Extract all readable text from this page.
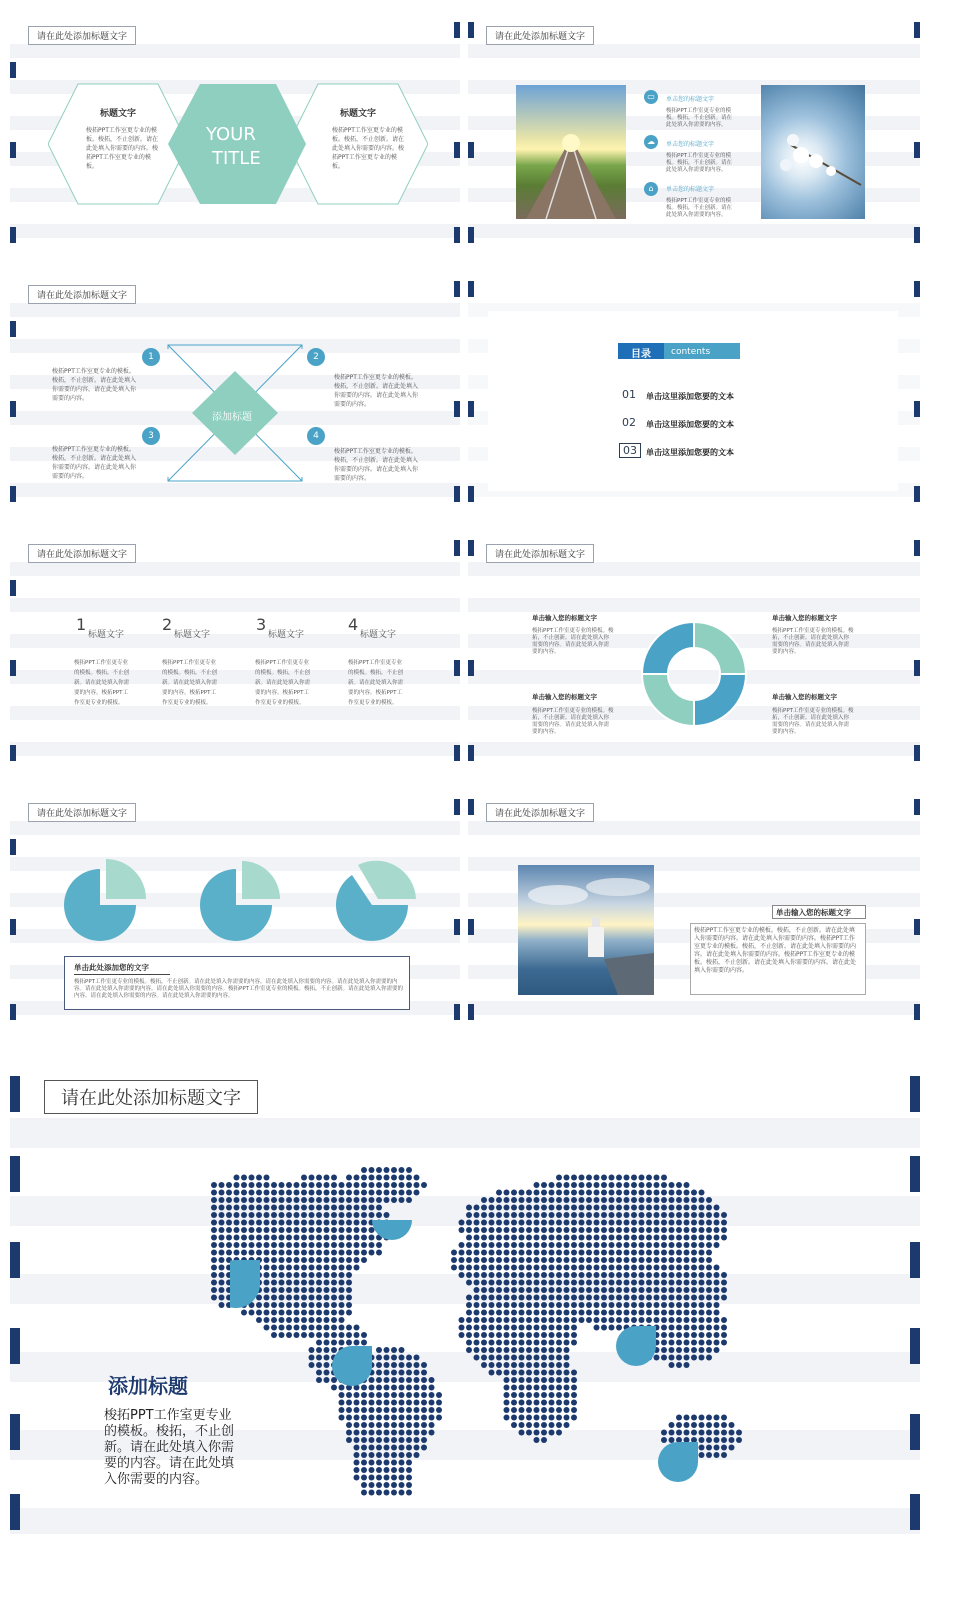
请在此处添加标题文字
YOUR
TITLE
标题文字
梭拓PPT工作室更专业的模板。梭拓，不止创新。请在此处填入你需要的内容。梭拓PPT工作室更专业的模板。
标题文字
梭拓PPT工作室更专业的模板。梭拓，不止创新。请在此处填入你需要的内容。梭拓PPT工作室更专业的模板。
请在此处添加标题文字
▭	单击您的标题文字
梭拓PPT工作室更专业的模板。梭拓，不止创新。请在此处填入你需要的内容。
☁	单击您的标题文字
梭拓PPT工作室更专业的模板。梭拓，不止创新。请在此处填入你需要的内容。
⌂	单击您的标题文字
梭拓PPT工作室更专业的模板。梭拓，不止创新。请在此处填入你需要的内容。
请在此处添加标题文字
添加标题
1	2
3	4
梭拓PPT工作室更专业的模板。梭拓，不止创新。请在此处填入你需要的内容。请在此处填入你需要的内容。
梭拓PPT工作室更专业的模板。梭拓，不止创新。请在此处填入你需要的内容。请在此处填入你需要的内容。
梭拓PPT工作室更专业的模板。梭拓，不止创新。请在此处填入你需要的内容。请在此处填入你需要的内容。
梭拓PPT工作室更专业的模板。梭拓，不止创新。请在此处填入你需要的内容。请在此处填入你需要的内容。
目录 contents
01 单击这里添加您要的文本
02 单击这里添加您要的文本
03	单击这里添加您要的文本
请在此处添加标题文字
1
标题文字
梭拓PPT工作室更专业的模板。梭拓，不止创新。请在此处填入你需要的内容。梭拓PPT工作室更专业的模板。
2
标题文字
梭拓PPT工作室更专业的模板。梭拓，不止创新。请在此处填入你需要的内容。梭拓PPT工作室更专业的模板。
3
标题文字
梭拓PPT工作室更专业的模板。梭拓，不止创新。请在此处填入你需要的内容。梭拓PPT工作室更专业的模板。
4
标题文字
梭拓PPT工作室更专业的模板。梭拓，不止创新。请在此处填入你需要的内容。梭拓PPT工作室更专业的模板。
请在此处添加标题文字
单击输入您的标题文字
梭拓PPT工作室更专业的模板。梭拓，不止创新。请在此处填入你需要的内容。请在此处填入你需要的内容。
单击输入您的标题文字
梭拓PPT工作室更专业的模板。梭拓，不止创新。请在此处填入你需要的内容。请在此处填入你需要的内容。
单击输入您的标题文字
梭拓PPT工作室更专业的模板。梭拓，不止创新。请在此处填入你需要的内容。请在此处填入你需要的内容。
单击输入您的标题文字
梭拓PPT工作室更专业的模板。梭拓，不止创新。请在此处填入你需要的内容。请在此处填入你需要的内容。
请在此处添加标题文字
单击此处添加您的文字
梭拓PPT工作室更专业的模板。梭拓，不止创新。请在此处填入你需要的内容。请在此处填入你需要的内容。请在此处填入你需要的内容。请在此处填入你需要的内容。请在此处填入你需要的内容。梭拓PPT工作室更专业的模板。梭拓，不止创新。请在此处填入你需要的内容。请在此处填入你需要的内容。请在此处填入你需要的内容。
请在此处添加标题文字
单击输入您的标题文字
梭拓PPT工作室更专业的模板。梭拓，不止创新。请在此处填入你需要的内容。请在此处填入你需要的内容。梭拓PPT工作室更专业的模板。梭拓，不止创新。请在此处填入你需要的内容。请在此处填入你需要的内容。梭拓PPT工作室更专业的模板。梭拓，不止创新。请在此处填入你需要的内容。请在此处填入你需要的内容。
请在此处添加标题文字
添加标题
梭拓PPT工作室更专业的模板。梭拓，不止创新。请在此处填入你需要的内容。请在此处填入你需要的内容。
